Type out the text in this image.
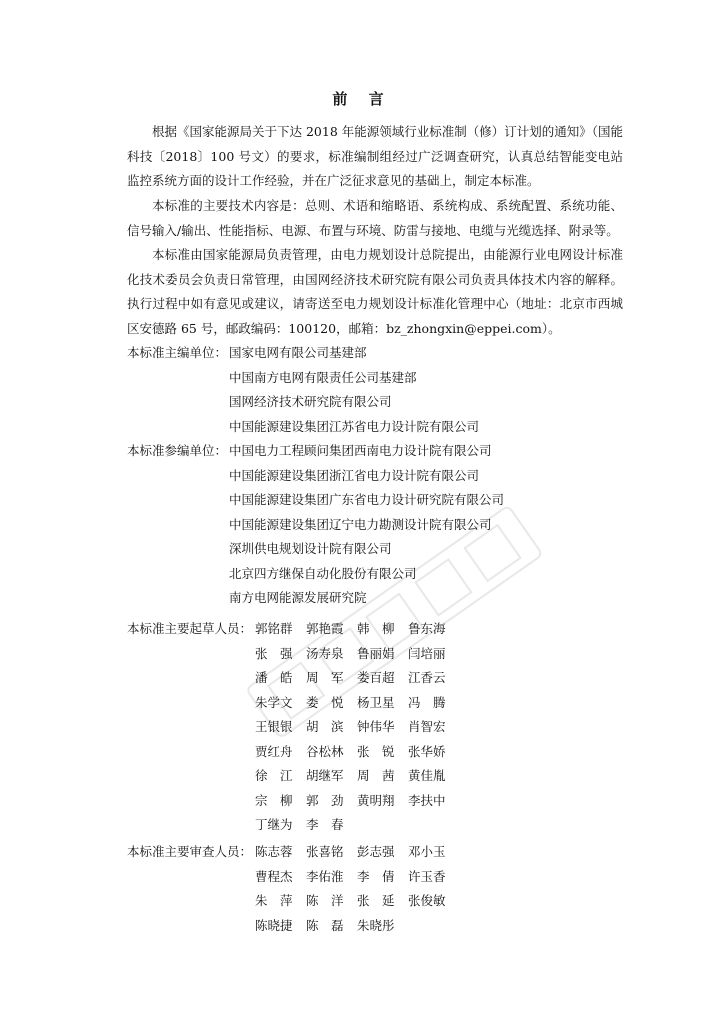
前 言

根据《国家能源局关于下达 2018 年能源领域行业标准制（修）订计划的通知》（国能科技〔2018〕100 号文）的要求，标准编制组经过广泛调查研究，认真总结智能变电站监控系统方面的设计工作经验，并在广泛征求意见的基础上，制定本标准。

本标准的主要技术内容是：总则、术语和缩略语、系统构成、系统配置、系统功能、信号输入/输出、性能指标、电源、布置与环境、防雷与接地、电缆与光缆选择、附录等。

本标准由国家能源局负责管理，由电力规划设计总院提出，由能源行业电网设计标准化技术委员会负责日常管理，由国网经济技术研究院有限公司负责具体技术内容的解释。执行过程中如有意见或建议，请寄送至电力规划设计标准化管理中心（地址：北京市西城区安德路 65 号，邮政编码：100120，邮箱：bz_zhongxin@eppei.com）。

本标准主编单位： 国家电网有限公司基建部
中国南方电网有限责任公司基建部
国网经济技术研究院有限公司
中国能源建设集团江苏省电力设计院有限公司
本标准参编单位： 中国电力工程顾问集团西南电力设计院有限公司
中国能源建设集团浙江省电力设计院有限公司
中国能源建设集团广东省电力设计研究院有限公司
中国能源建设集团辽宁电力勘测设计院有限公司
深圳供电规划设计院有限公司
北京四方继保自动化股份有限公司
南方电网能源发展研究院
本标准主要起草人员： 郭铭群	郭艳霞	韩　柳	鲁东海
张　强	汤寿泉	鲁丽娟	闫培丽
潘　皓	周　军	娄百超	江香云
朱学文	娄　悦	杨卫星	冯　腾
王银银	胡　滨	钟伟华	肖智宏
贾红舟	谷松林	张　锐	张华娇
徐　江	胡继军	周　茜	黄佳胤
宗　柳	郭　劲	黄明翔	李扶中
丁继为	李　春
本标准主要审查人员： 陈志蓉	张喜铭	彭志强	邓小玉
曹程杰	李佑淮	李　倩	许玉香
朱　萍	陈　洋	张　延	张俊敏
陈晓捷	陈　磊	朱晓彤
